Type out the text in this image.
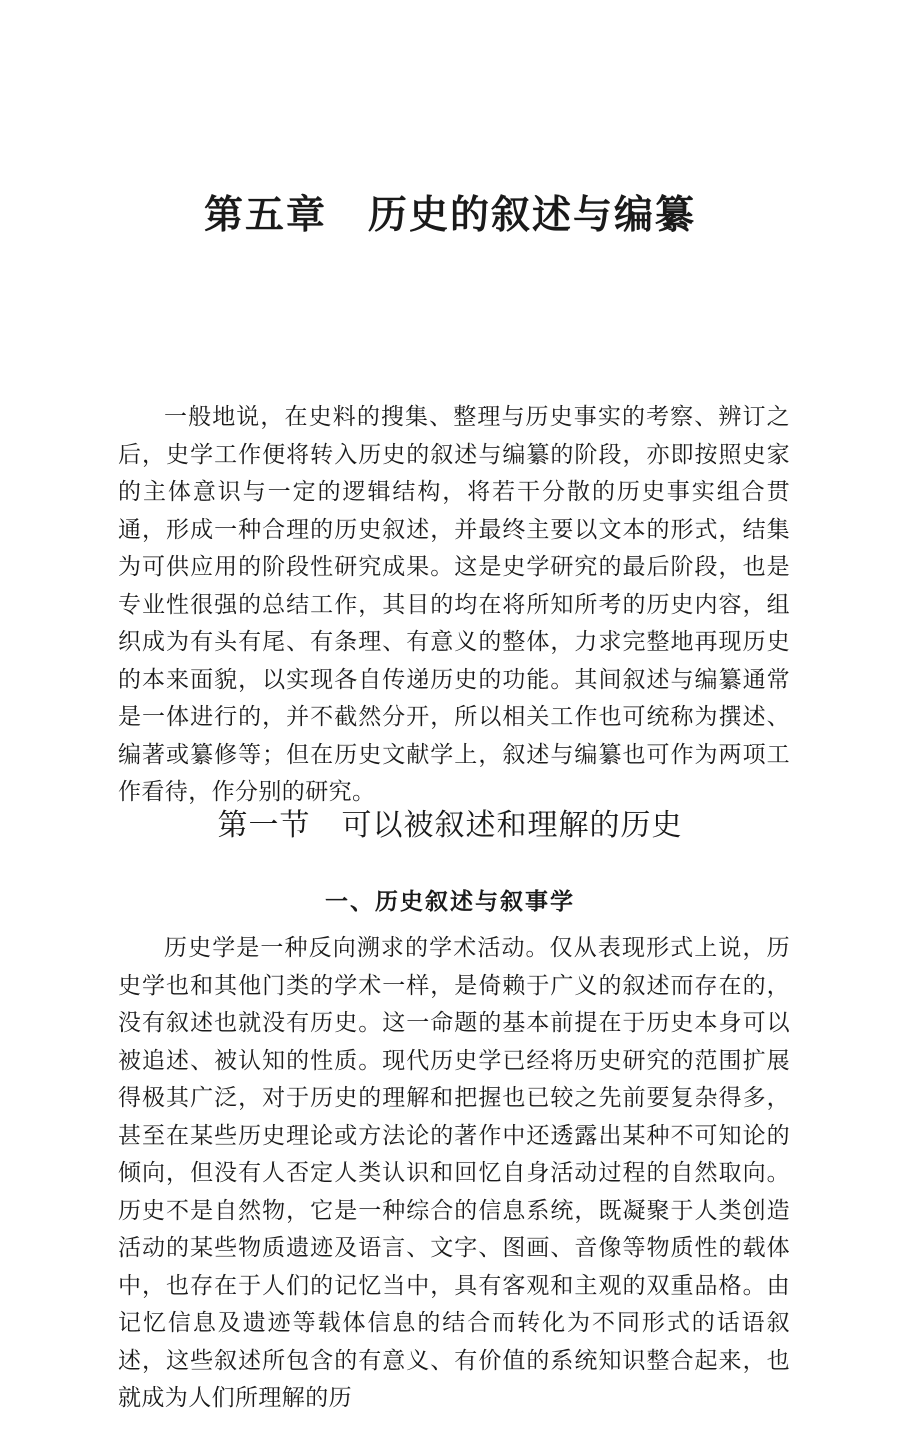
第五章　历史的叙述与编纂

一般地说，在史料的搜集、整理与历史事实的考察、辨订之后，史学工作便将转入历史的叙述与编纂的阶段，亦即按照史家的主体意识与一定的逻辑结构，将若干分散的历史事实组合贯通，形成一种合理的历史叙述，并最终主要以文本的形式，结集为可供应用的阶段性研究成果。这是史学研究的最后阶段，也是专业性很强的总结工作，其目的均在将所知所考的历史内容，组织成为有头有尾、有条理、有意义的整体，力求完整地再现历史的本来面貌，以实现各自传递历史的功能。其间叙述与编纂通常是一体进行的，并不截然分开，所以相关工作也可统称为撰述、编著或纂修等；但在历史文献学上，叙述与编纂也可作为两项工作看待，作分别的研究。

第一节　可以被叙述和理解的历史
一、历史叙述与叙事学

历史学是一种反向溯求的学术活动。仅从表现形式上说，历史学也和其他门类的学术一样，是倚赖于广义的叙述而存在的，没有叙述也就没有历史。这一命题的基本前提在于历史本身可以被追述、被认知的性质。现代历史学已经将历史研究的范围扩展得极其广泛，对于历史的理解和把握也已较之先前要复杂得多，甚至在某些历史理论或方法论的著作中还透露出某种不可知论的倾向，但没有人否定人类认识和回忆自身活动过程的自然取向。历史不是自然物，它是一种综合的信息系统，既凝聚于人类创造活动的某些物质遗迹及语言、文字、图画、音像等物质性的载体中，也存在于人们的记忆当中，具有客观和主观的双重品格。由记忆信息及遗迹等载体信息的结合而转化为不同形式的话语叙述，这些叙述所包含的有意义、有价值的系统知识整合起来，也就成为人们所理解的历
